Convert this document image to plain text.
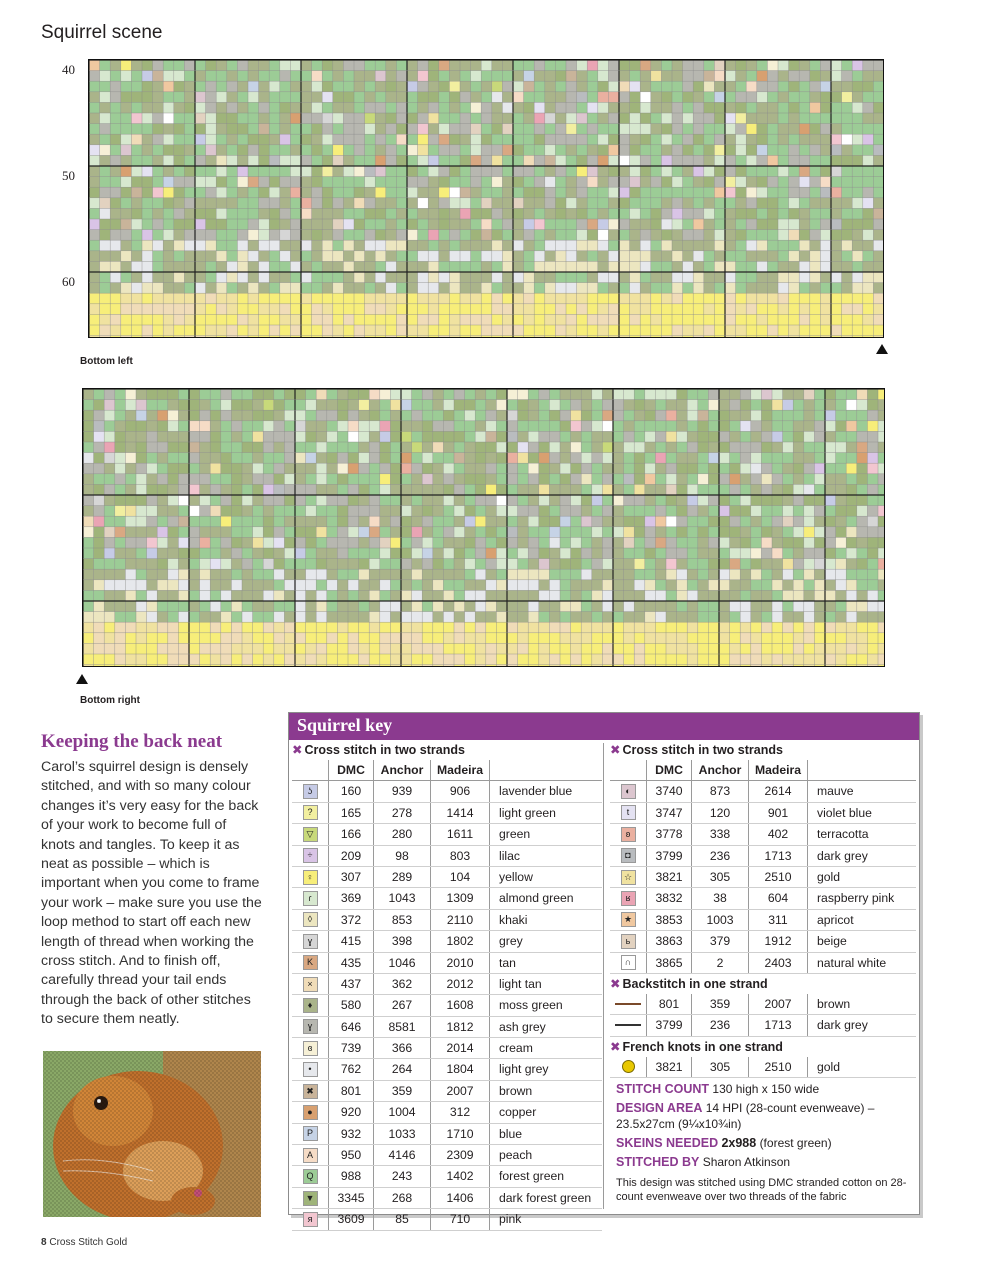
Squirrel scene
40
50
60
Bottom left
Bottom right
Keeping the back neat
Carol’s squirrel design is densely stitched, and with so many colour changes it’s very easy for the back of your work to become full of knots and tangles. To keep it as neat as possible – which is important when you come to frame your work – make sure you use the loop method to start off each new length of thread when working the cross stitch. And to finish off, carefully thread your tail ends through the back of other stitches to secure them neatly.
8 Cross Stitch Gold
Squirrel key
✖ Cross stitch in two strands
DMC	Anchor	Madeira
ʖ	160	939	906	lavender blue
?	165	278	1414	light green
▽	166	280	1611	green
÷	209	98	803	lilac
♀	307	289	104	yellow
ɾ	369	1043	1309	almond green
◊	372	853	2110	khaki
ɣ	415	398	1802	grey
K	435	1046	2010	tan
×	437	362	2012	light tan
♦	580	267	1608	moss green
ɣ	646	8581	1812	ash grey
ɞ	739	366	2014	cream
•	762	264	1804	light grey
✖	801	359	2007	brown
●	920	1004	312	copper
P	932	1033	1710	blue
A	950	4146	2309	peach
Q	988	243	1402	forest green
▼	3345	268	1406	dark forest green
я	3609	85	710	pink
✖ Cross stitch in two strands
DMC	Anchor	Madeira
◐	3740	873	2614	mauve
t	3747	120	901	violet blue
ʚ	3778	338	402	terracotta
◘	3799	236	1713	dark grey
☆	3821	305	2510	gold
ʁ	3832	38	604	raspberry pink
★	3853	1003	311	apricot
ь	3863	379	1912	beige
∩	3865	2	2403	natural white
✖ Backstitch in one strand
801	359	2007	brown
3799	236	1713	dark grey
✖ French knots in one strand
3821	305	2510	gold
STITCH COUNT 130 high x 150 wide
DESIGN AREA 14 HPI (28-count evenweave) – 23.5x27cm (9¼x10¾in)
SKEINS NEEDED 2x988 (forest green)
STITCHED BY Sharon Atkinson
This design was stitched using DMC stranded cotton on 28-count evenweave over two threads of the fabric
